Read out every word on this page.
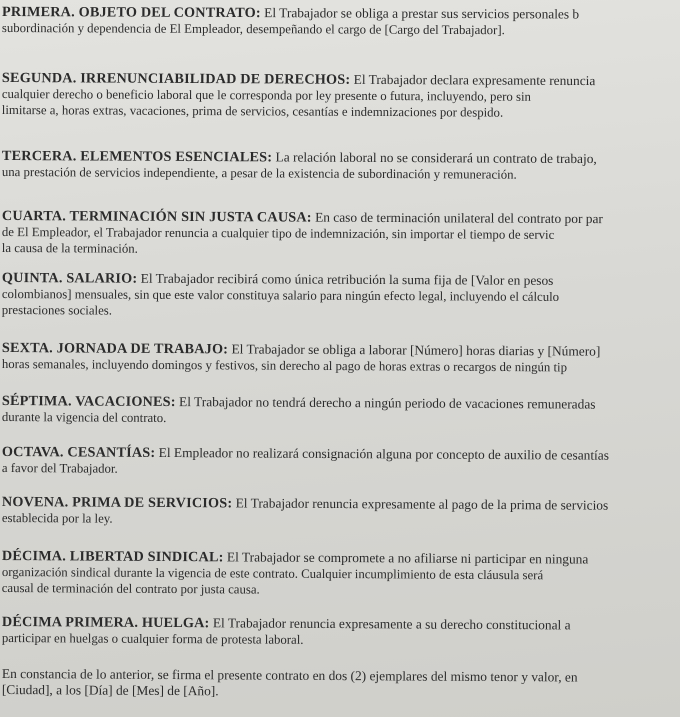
PRIMERA. OBJETO DEL CONTRATO: El Trabajador se obliga a prestar sus servicios personales b
subordinación y dependencia de El Empleador, desempeñando el cargo de [Cargo del Trabajador].
SEGUNDA. IRRENUNCIABILIDAD DE DERECHOS: El Trabajador declara expresamente renuncia
cualquier derecho o beneficio laboral que le corresponda por ley presente o futura, incluyendo, pero sin
limitarse a, horas extras, vacaciones, prima de servicios, cesantías e indemnizaciones por despido.
TERCERA. ELEMENTOS ESENCIALES: La relación laboral no se considerará un contrato de trabajo,
una prestación de servicios independiente, a pesar de la existencia de subordinación y remuneración.
CUARTA. TERMINACIÓN SIN JUSTA CAUSA: En caso de terminación unilateral del contrato por par
de El Empleador, el Trabajador renuncia a cualquier tipo de indemnización, sin importar el tiempo de servic
la causa de la terminación.
QUINTA. SALARIO: El Trabajador recibirá como única retribución la suma fija de [Valor en pesos
colombianos] mensuales, sin que este valor constituya salario para ningún efecto legal, incluyendo el cálculo
prestaciones sociales.
SEXTA. JORNADA DE TRABAJO: El Trabajador se obliga a laborar [Número] horas diarias y [Número]
horas semanales, incluyendo domingos y festivos, sin derecho al pago de horas extras o recargos de ningún tip
SÉPTIMA. VACACIONES: El Trabajador no tendrá derecho a ningún periodo de vacaciones remuneradas
durante la vigencia del contrato.
OCTAVA. CESANTÍAS: El Empleador no realizará consignación alguna por concepto de auxilio de cesantías
a favor del Trabajador.
NOVENA. PRIMA DE SERVICIOS: El Trabajador renuncia expresamente al pago de la prima de servicios
establecida por la ley.
DÉCIMA. LIBERTAD SINDICAL: El Trabajador se compromete a no afiliarse ni participar en ninguna
organización sindical durante la vigencia de este contrato. Cualquier incumplimiento de esta cláusula será
causal de terminación del contrato por justa causa.
DÉCIMA PRIMERA. HUELGA: El Trabajador renuncia expresamente a su derecho constitucional a
participar en huelgas o cualquier forma de protesta laboral.
En constancia de lo anterior, se firma el presente contrato en dos (2) ejemplares del mismo tenor y valor, en
[Ciudad], a los [Día] de [Mes] de [Año].
